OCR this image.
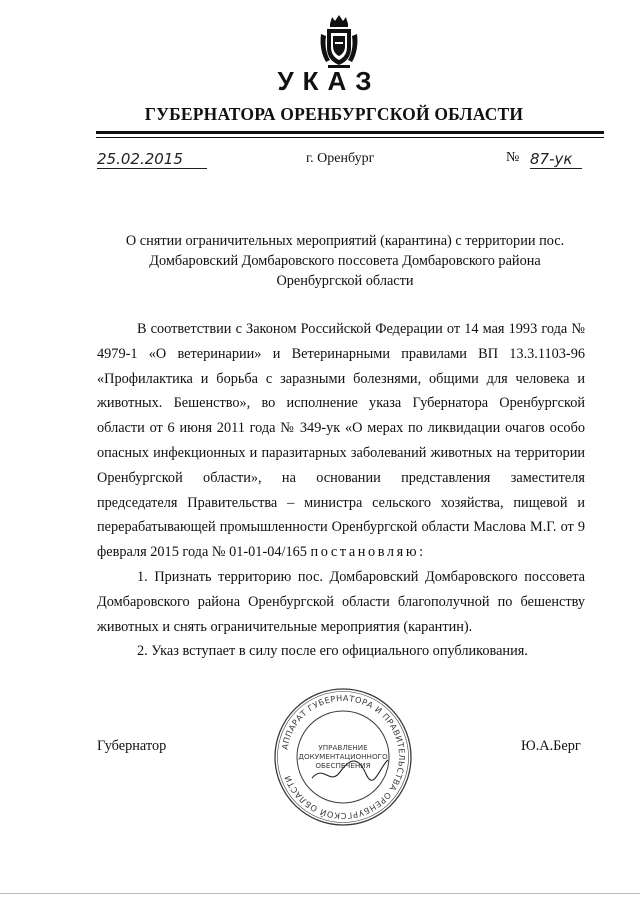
УКАЗ
ГУБЕРНАТОРА ОРЕНБУРГСКОЙ ОБЛАСТИ
25.02.2015	г. Оренбург	№ 87-ук
О снятии ограничительных мероприятий (карантина) с территории пос. Домбаровский Домбаровского поссовета Домбаровского района Оренбургской области

В соответствии с Законом Российской Федерации от 14 мая 1993 года № 4979-1 «О ветеринарии» и Ветеринарными правилами ВП 13.3.1103-96 «Профилактика и борьба с заразными болезнями, общими для человека и животных. Бешенство», во исполнение указа Губернатора Оренбургской области от 6 июня 2011 года № 349-ук «О мерах по ликвидации очагов особо опасных инфекционных и паразитарных заболеваний животных на территории Оренбургской области», на основании представления заместителя председателя Правительства – министра сельского хозяйства, пищевой и перерабатывающей промышленности Оренбургской области Маслова М.Г. от 9 февраля 2015 года № 01-01-04/165 постановляю:

1. Признать территорию пос. Домбаровский Домбаровского поссовета Домбаровского района Оренбургской области благополучной по бешенству животных и снять ограничительные мероприятия (карантин).

2. Указ вступает в силу после его официального опубликования.

Губернатор	АППАРАТ ГУБЕРНАТОРА И ПРАВИТЕЛЬСТВА ОРЕНБУРГСКОЙ ОБЛАСТИ
УПРАВЛЕНИЕ
ДОКУМЕНТАЦИОННОГО
ОБЕСПЕЧЕНИЯ
Ю.А.Берг
